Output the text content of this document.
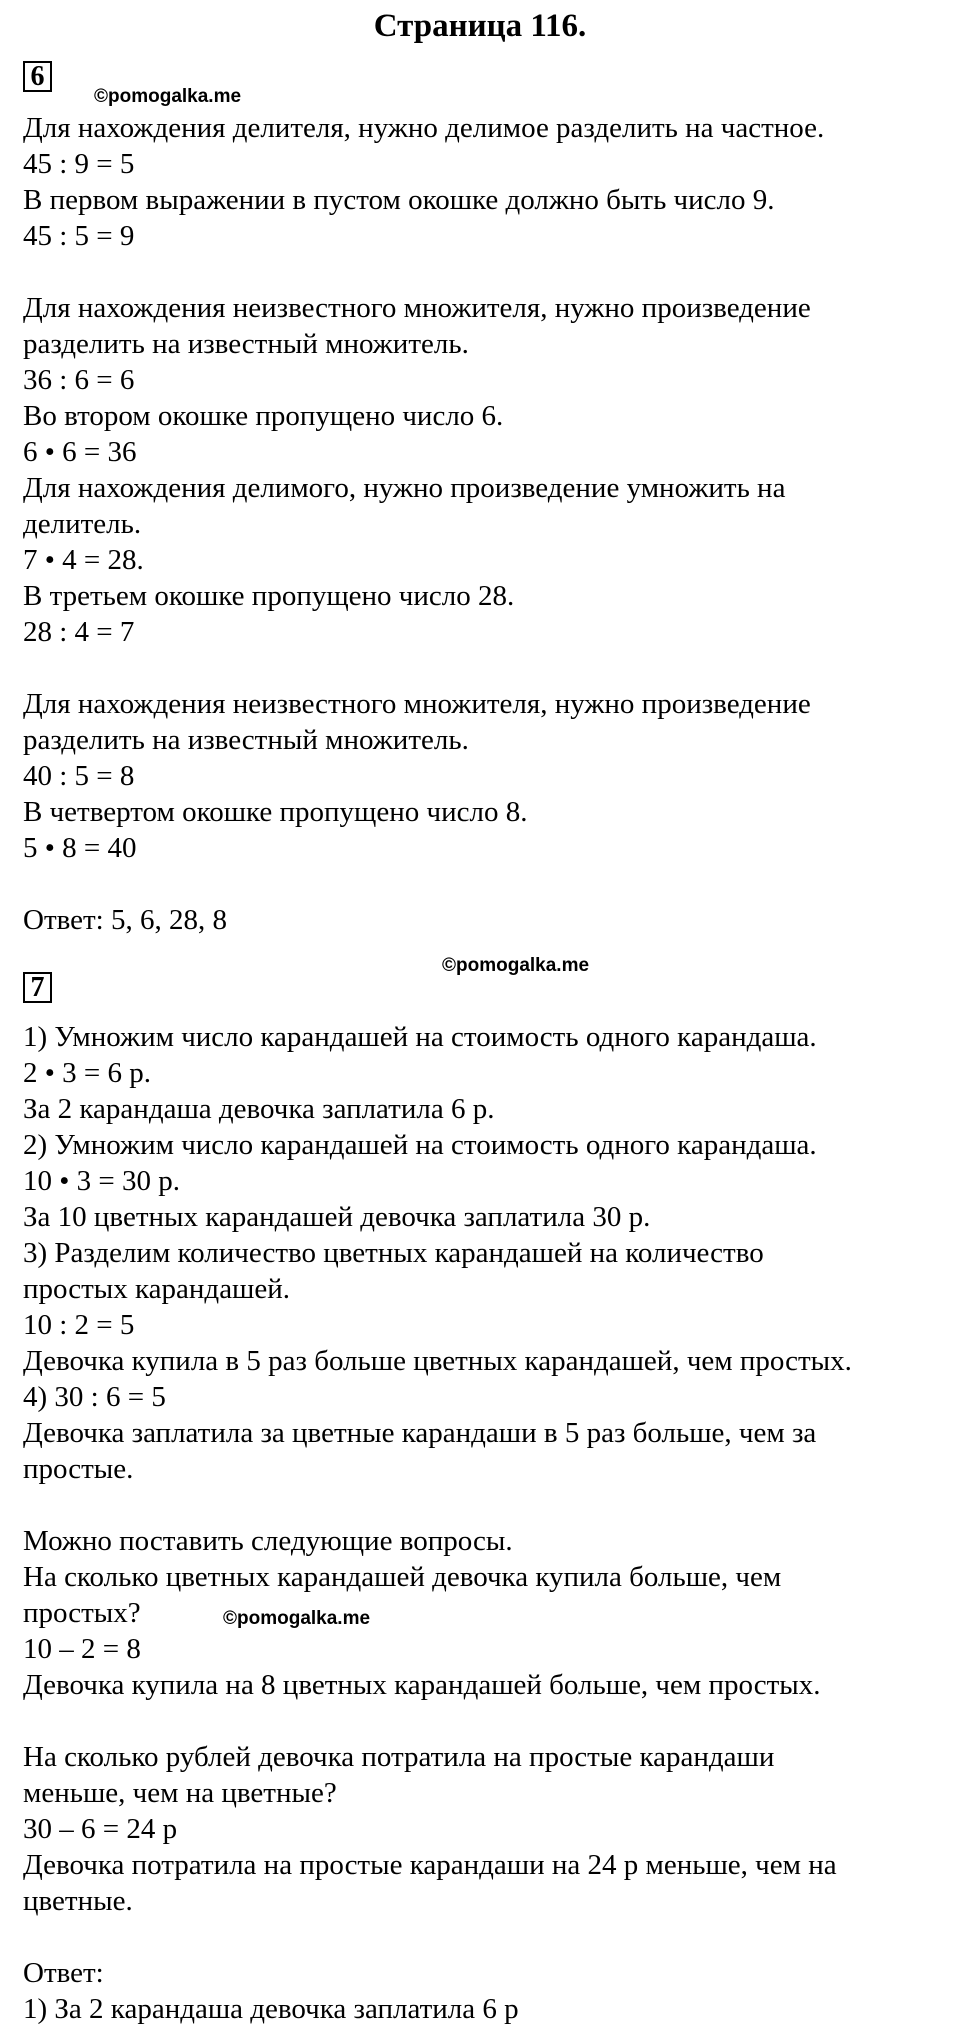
Страница 116.
6
©pomogalka.me
Для нахождения делителя, нужно делимое разделить на частное.
45 : 9 = 5
В первом выражении в пустом окошке должно быть число 9.
45 : 5 = 9
Для нахождения неизвестного множителя, нужно произведение
разделить на известный множитель.
36 : 6 = 6
Во втором окошке пропущено число 6.
6 • 6 = 36
Для нахождения делимого, нужно произведение умножить на
делитель.
7 • 4 = 28.
В третьем окошке пропущено число 28.
28 : 4 = 7
Для нахождения неизвестного множителя, нужно произведение
разделить на известный множитель.
40 : 5 = 8
В четвертом окошке пропущено число 8.
5 • 8 = 40
Ответ: 5, 6, 28, 8
©pomogalka.me
7
1) Умножим число карандашей на стоимость одного карандаша.
2 • 3 = 6 р.
За 2 карандаша девочка заплатила 6 р.
2) Умножим число карандашей на стоимость одного карандаша.
10 • 3 = 30 р.
За 10 цветных карандашей девочка заплатила 30 р.
3) Разделим количество цветных карандашей на количество
простых карандашей.
10 : 2 = 5
Девочка купила в 5 раз больше цветных карандашей, чем простых.
4) 30 : 6 = 5
Девочка заплатила за цветные карандаши в 5 раз больше, чем за
простые.
Можно поставить следующие вопросы.
На сколько цветных карандашей девочка купила больше, чем
простых?
10 – 2 = 8
Девочка купила на 8 цветных карандашей больше, чем простых.
На сколько рублей девочка потратила на простые карандаши
меньше, чем на цветные?
30 – 6 = 24 р
Девочка потратила на простые карандаши на 24 р меньше, чем на
цветные.
Ответ:
1) За 2 карандаша девочка заплатила 6 р
©pomogalka.me
